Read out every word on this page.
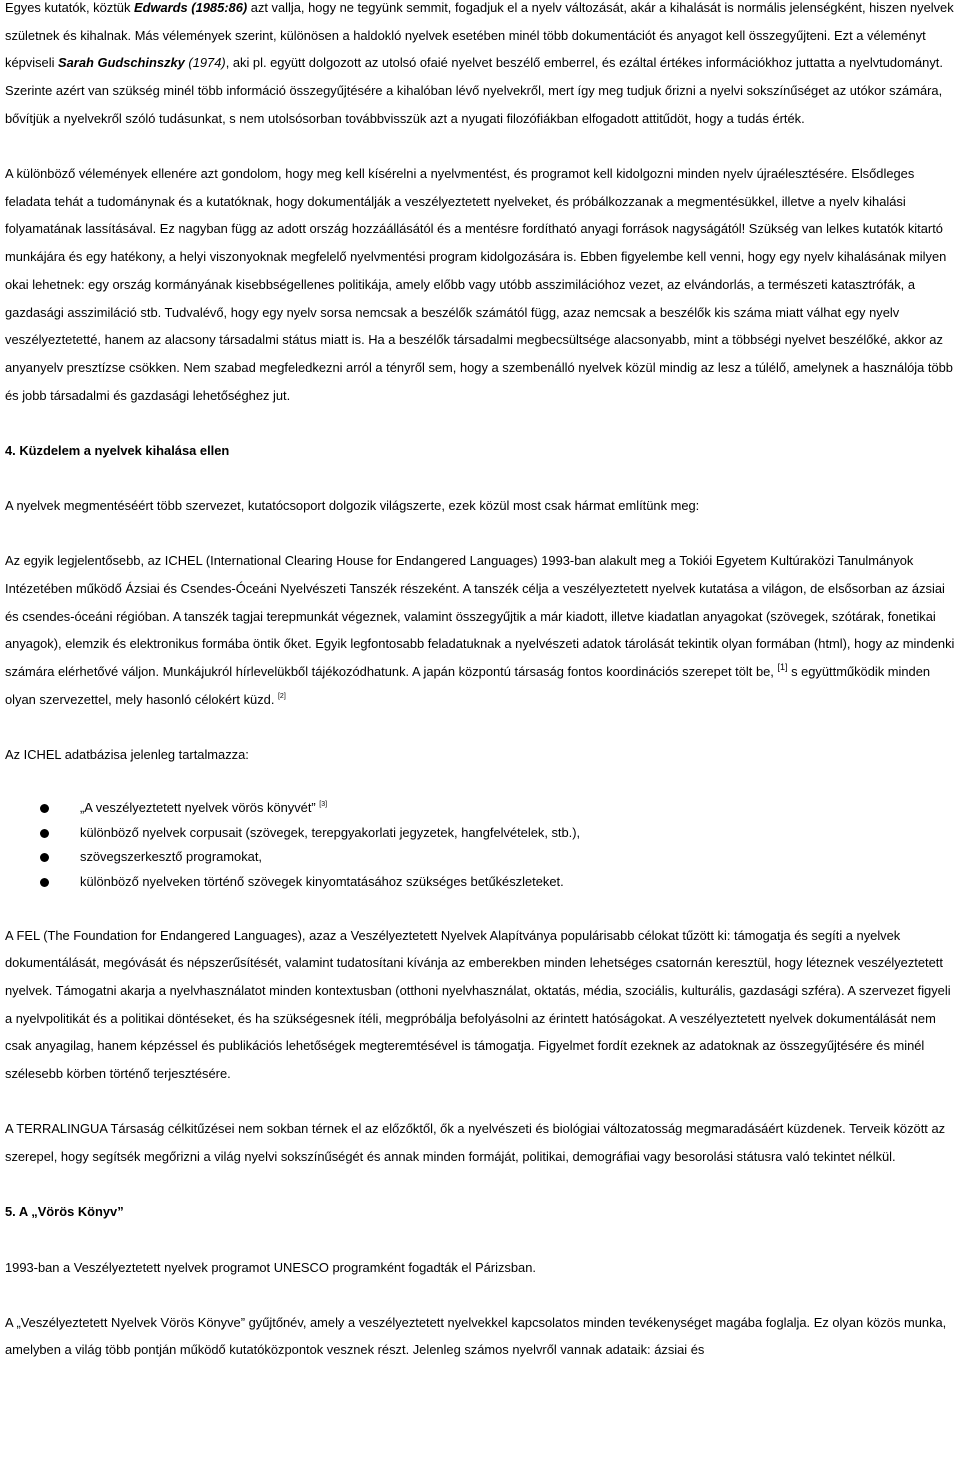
Egyes kutatók, köztük Edwards (1985:86) azt vallja, hogy ne tegyünk semmit, fogadjuk el a nyelv változását, akár a kihalását is normális jelenségként, hiszen nyelvek születnek és kihalnak. Más vélemények szerint, különösen a haldokló nyelvek esetében minél több dokumentációt és anyagot kell összegyűjteni. Ezt a véleményt képviseli Sarah Gudschinszky (1974), aki pl. együtt dolgozott az utolsó ofaié nyelvet beszélő emberrel, és ezáltal értékes információkhoz juttatta a nyelvtudományt. Szerinte azért van szükség minél több információ összegyűjtésére a kihalóban lévő nyelvekről, mert így meg tudjuk őrizni a nyelvi sokszínűséget az utókor számára, bővítjük a nyelvekről szóló tudásunkat, s nem utolsósorban továbbvisszük azt a nyugati filozófiákban elfogadott attitűdöt, hogy a tudás érték.

A különböző vélemények ellenére azt gondolom, hogy meg kell kísérelni a nyelvmentést, és programot kell kidolgozni minden nyelv újraélesztésére. Elsődleges feladata tehát a tudománynak és a kutatóknak, hogy dokumentálják a veszélyeztetett nyelveket, és próbálkozzanak a megmentésükkel, illetve a nyelv kihalási folyamatának lassításával. Ez nagyban függ az adott ország hozzáállásától és a mentésre fordítható anyagi források nagyságától! Szükség van lelkes kutatók kitartó munkájára és egy hatékony, a helyi viszonyoknak megfelelő nyelvmentési program kidolgozására is. Ebben figyelembe kell venni, hogy egy nyelv kihalásának milyen okai lehetnek: egy ország kormányának kisebbségellenes politikája, amely előbb vagy utóbb asszimilációhoz vezet, az elvándorlás, a természeti katasztrófák, a gazdasági asszimiláció stb. Tudvalévő, hogy egy nyelv sorsa nemcsak a beszélők számától függ, azaz nemcsak a beszélők kis száma miatt válhat egy nyelv veszélyeztetetté, hanem az alacsony társadalmi státus miatt is. Ha a beszélők társadalmi megbecsültsége alacsonyabb, mint a többségi nyelvet beszélőké, akkor az anyanyelv presztízse csökken. Nem szabad megfeledkezni arról a tényről sem, hogy a szembenálló nyelvek közül mindig az lesz a túlélő, amelynek a használója több és jobb társadalmi és gazdasági lehetőséghez jut.

4. Küzdelem a nyelvek kihalása ellen

A nyelvek megmentéséért több szervezet, kutatócsoport dolgozik világszerte, ezek közül most csak hármat említünk meg:

Az egyik legjelentősebb, az ICHEL (International Clearing House for Endangered Languages) 1993-ban alakult meg a Tokiói Egyetem Kultúraközi Tanulmányok Intézetében működő Ázsiai és Csendes-Óceáni Nyelvészeti Tanszék részeként. A tanszék célja a veszélyeztetett nyelvek kutatása a világon, de elsősorban az ázsiai és csendes-óceáni régióban. A tanszék tagjai terepmunkát végeznek, valamint összegyűjtik a már kiadott, illetve kiadatlan anyagokat (szövegek, szótárak, fonetikai anyagok), elemzik és elektronikus formába öntik őket. Egyik legfontosabb feladatuknak a nyelvészeti adatok tárolását tekintik olyan formában (html), hogy az mindenki számára elérhetővé váljon. Munkájukról hírlevelükből tájékozódhatunk. A japán központú társaság fontos koordinációs szerepet tölt be, [1] s együttműködik minden olyan szervezettel, mely hasonló célokért küzd. [2]

Az ICHEL adatbázisa jelenleg tartalmazza:

„A veszélyeztetett nyelvek vörös könyvét” [3]
különböző nyelvek corpusait (szövegek, terepgyakorlati jegyzetek, hangfelvételek, stb.),
szövegszerkesztő programokat,
különböző nyelveken történő szövegek kinyomtatásához szükséges betűkészleteket.

A FEL (The Foundation for Endangered Languages), azaz a Veszélyeztetett Nyelvek Alapítványa populárisabb célokat tűzött ki: támogatja és segíti a nyelvek dokumentálását, megóvását és népszerűsítését, valamint tudatosítani kívánja az emberekben minden lehetséges csatornán keresztül, hogy léteznek veszélyeztetett nyelvek. Támogatni akarja a nyelvhasználatot minden kontextusban (otthoni nyelvhasználat, oktatás, média, szociális, kulturális, gazdasági szféra). A szervezet figyeli a nyelvpolitikát és a politikai döntéseket, és ha szükségesnek ítéli, megpróbálja befolyásolni az érintett hatóságokat. A veszélyeztetett nyelvek dokumentálását nem csak anyagilag, hanem képzéssel és publikációs lehetőségek megteremtésével is támogatja. Figyelmet fordít ezeknek az adatoknak az összegyűjtésére és minél szélesebb körben történő terjesztésére.

A TERRALINGUA Társaság célkitűzései nem sokban térnek el az előzőktől, ők a nyelvészeti és biológiai változatosság megmaradásáért küzdenek. Terveik között az szerepel, hogy segítsék megőrizni a világ nyelvi sokszínűségét és annak minden formáját, politikai, demográfiai vagy besorolási státusra való tekintet nélkül.

5. A „Vörös Könyv”

1993-ban a Veszélyeztetett nyelvek programot UNESCO programként fogadták el Párizsban.

A „Veszélyeztetett Nyelvek Vörös Könyve” gyűjtőnév, amely a veszélyeztetett nyelvekkel kapcsolatos minden tevékenységet magába foglalja. Ez olyan közös munka, amelyben a világ több pontján működő kutatóközpontok vesznek részt. Jelenleg számos nyelvről vannak adataik: ázsiai és
